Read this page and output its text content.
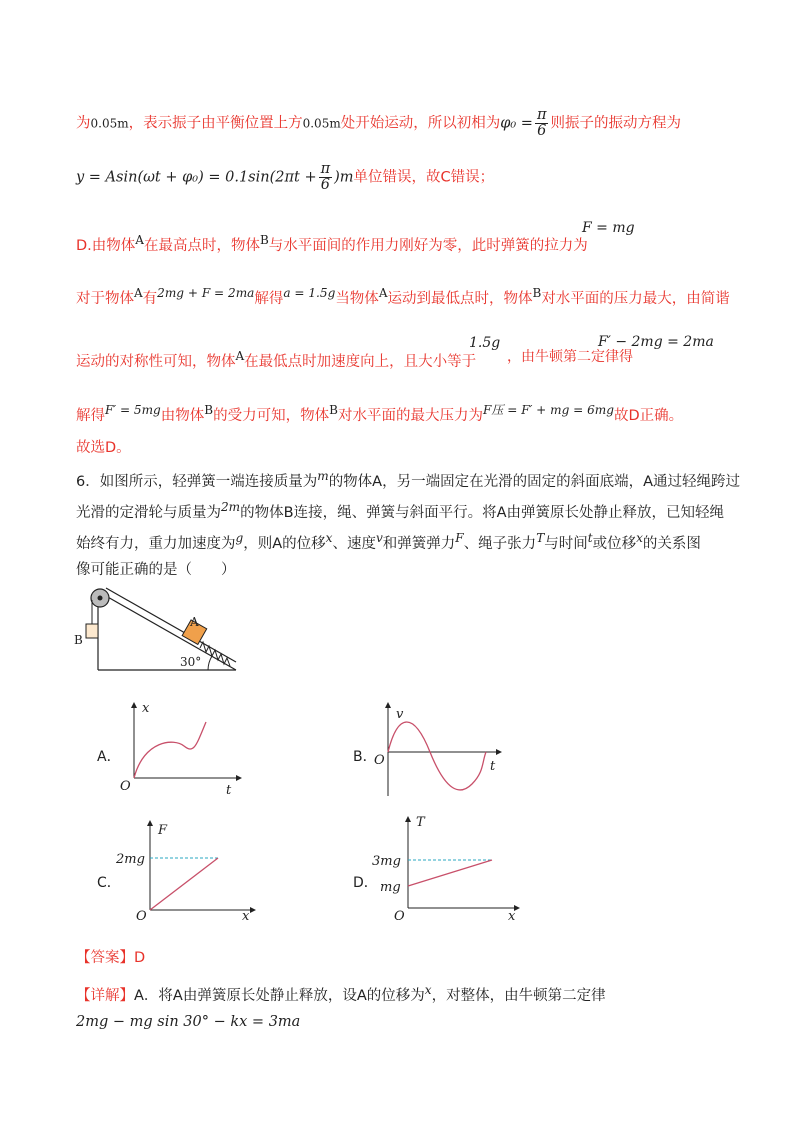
为0.05m，表示振子由平衡位置上方0.05m处开始运动，所以初相为$\varphi_0 = \frac{\pi}{6}$ 则振子的振动方程为
$y = Asin(\omega t + \varphi_0) = 0.1\sin(2\pi t + \frac{\pi}{6} )m$单位错误，故C错误；
D.由物体$^A$在最高点时，物体$^B$与水平面间的作用力刚好为零，此时弹簧的拉力为
F = mg
对于物体$^A$有$^{2mg + F = 2ma}$解得$^{a = 1.5g}$当物体$^A$运动到最低点时，物体$^B$对水平面的压力最大，由简谐
运动的对称性可知，物体$^A$在最低点时加速度向上，且大小等于
1.5g
，由牛顿第二定律得
F′ − 2mg = 2ma
解得$^{F' = 5mg}$由物体$^B$的受力可知，物体$^B$对水平面的最大压力为$^{F压 = F' + mg = 6mg}$故D正确。
故选D。
6．如图所示，轻弹簧一端连接质量为$^m$的物体A，另一端固定在光滑的固定的斜面底端，A通过轻绳跨过
光滑的定滑轮与质量为$^{2m}$的物体B连接，绳、弹簧与斜面平行。将A由弹簧原长处静止释放，已知轻绳
始终有力，重力加速度为$^g$，则A的位移$^x$、速度$^v$和弹簧弹力$^F$、绳子张力$^T$与时间$^t$或位移$^x$的关系图
像可能正确的是（　　）
B
A
30°
A．
x
t
O
B．
v
t
O
C．
F
2mg
x
O
D．
T
3mg
mg
x
O
【答案】D
【详解】A．将A由弹簧原长处静止释放，设A的位移为$^x$，对整体，由牛顿第二定律
2mg − mg sin 30° − kx = 3ma
